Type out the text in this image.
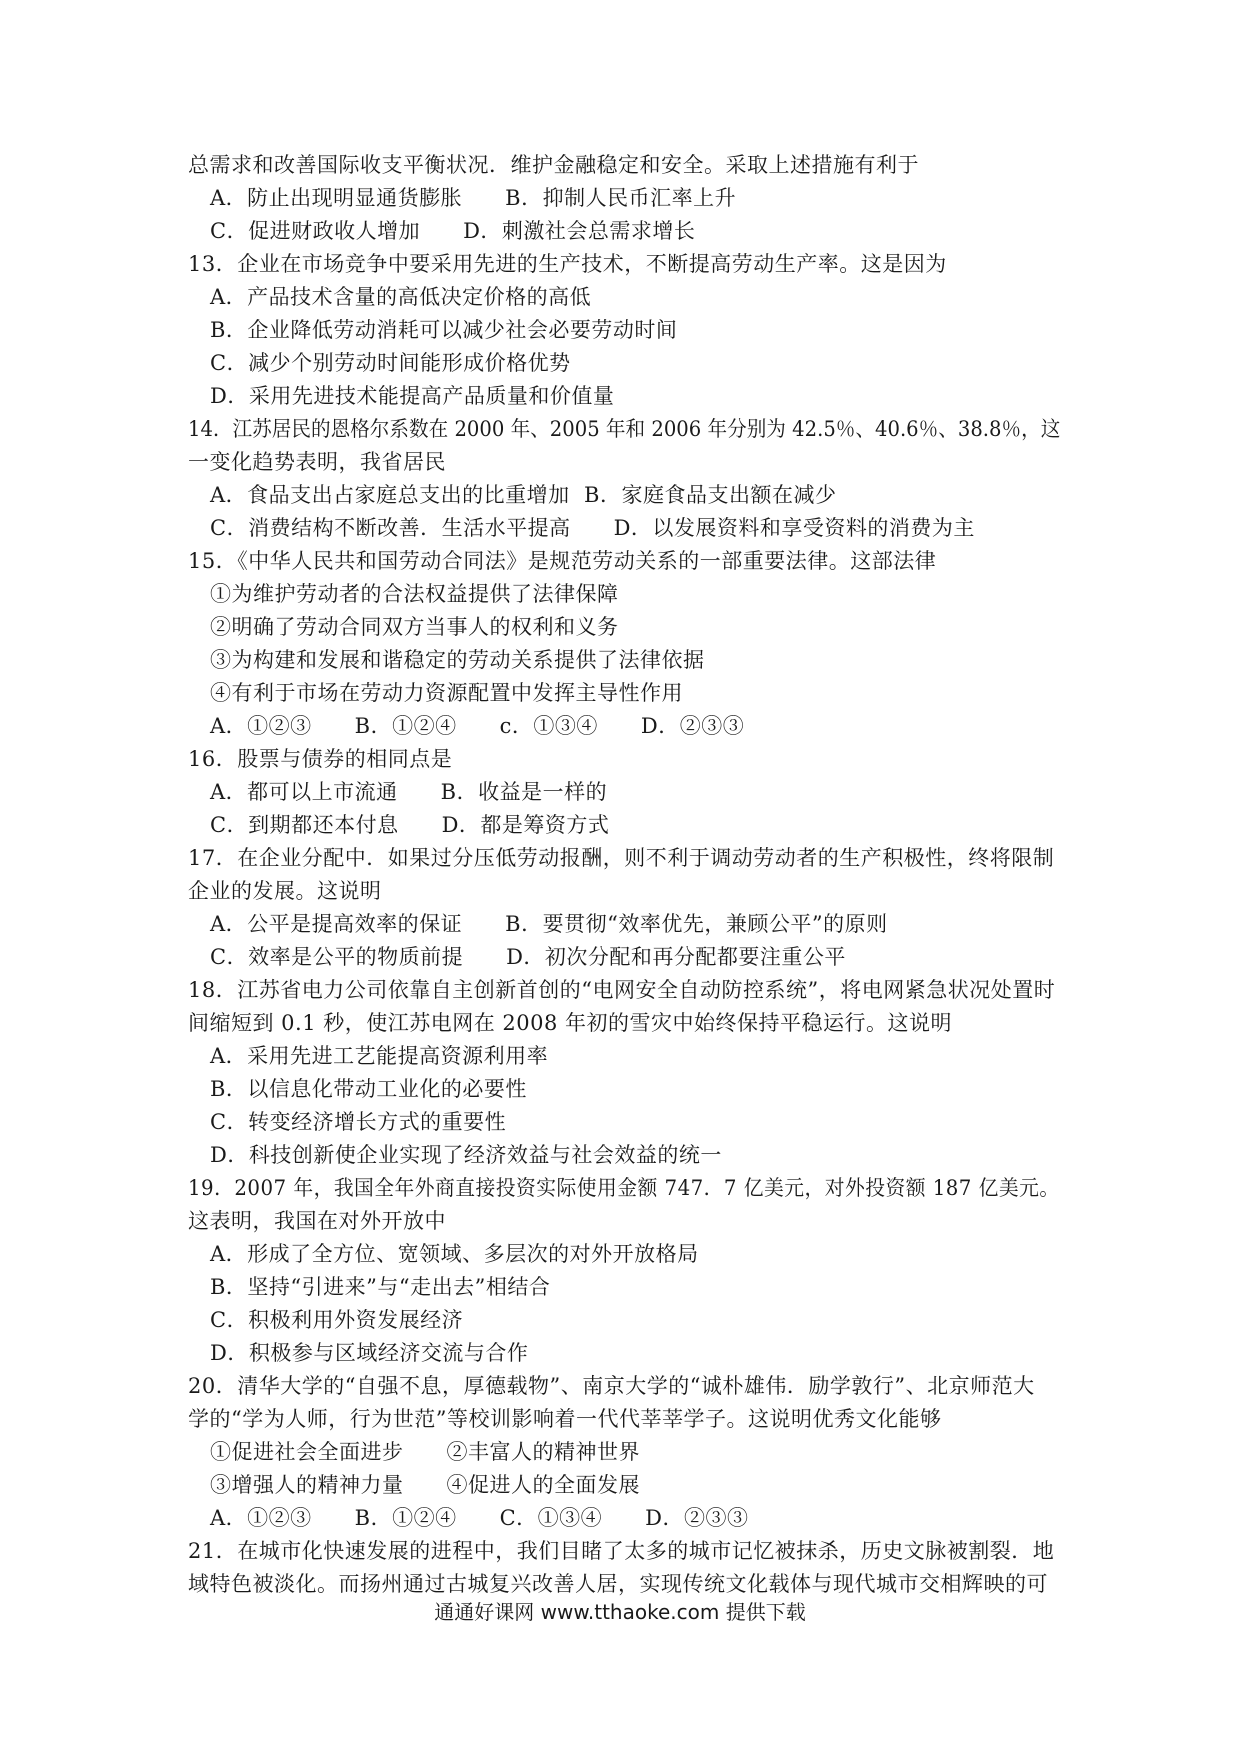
总需求和改善国际收支平衡状况．维护金融稳定和安全。采取上述措施有利于
A．防止出现明显通货膨胀　　B．抑制人民币汇率上升
C．促进财政收人增加　　D．刺激社会总需求增长
13．企业在市场竞争中要采用先进的生产技术，不断提高劳动生产率。这是因为
A．产品技术含量的高低决定价格的高低
B．企业降低劳动消耗可以减少社会必要劳动时间
C．减少个别劳动时间能形成价格优势
D．采用先进技术能提高产品质量和价值量
14．江苏居民的恩格尔系数在 2000 年、2005 年和 2006 年分别为 42.5％、40.6％、38.8％，这
一变化趋势表明，我省居民
A．食品支出占家庭总支出的比重增加  B．家庭食品支出额在减少
C．消费结构不断改善．生活水平提高　　D．以发展资料和享受资料的消费为主
15．《中华人民共和国劳动合同法》是规范劳动关系的一部重要法律。这部法律
①为维护劳动者的合法权益提供了法律保障
②明确了劳动合同双方当事人的权利和义务
③为构建和发展和谐稳定的劳动关系提供了法律依据
④有利于市场在劳动力资源配置中发挥主导性作用
A．①②③　　B．①②④　　c．①③④　　D．②③③
16．股票与债券的相同点是
A．都可以上市流通　　B．收益是一样的
C．到期都还本付息　　D．都是筹资方式
17．在企业分配中．如果过分压低劳动报酬，则不利于调动劳动者的生产积极性，终将限制
企业的发展。这说明
A．公平是提高效率的保证　　B．要贯彻“效率优先，兼顾公平”的原则
C．效率是公平的物质前提　　D．初次分配和再分配都要注重公平
18．江苏省电力公司依靠自主创新首创的“电网安全自动防控系统”，将电网紧急状况处置时
间缩短到 0.1 秒，使江苏电网在 2008 年初的雪灾中始终保持平稳运行。这说明
A．采用先进工艺能提高资源利用率
B．以信息化带动工业化的必要性
C．转变经济增长方式的重要性
D．科技创新使企业实现了经济效益与社会效益的统一
19．2007 年，我国全年外商直接投资实际使用金额 747．7 亿美元，对外投资额 187 亿美元。
这表明，我国在对外开放中
A．形成了全方位、宽领域、多层次的对外开放格局
B．坚持“引进来”与“走出去”相结合
C．积极利用外资发展经济
D．积极参与区域经济交流与合作
20．清华大学的“自强不息，厚德载物”、南京大学的“诚朴雄伟．励学敦行”、北京师范大
学的“学为人师，行为世范”等校训影响着一代代莘莘学子。这说明优秀文化能够
①促进社会全面进步　　②丰富人的精神世界
③增强人的精神力量　　④促进人的全面发展
A．①②③　　B．①②④　　C．①③④　　D．②③③
21．在城市化快速发展的进程中，我们目睹了太多的城市记忆被抹杀，历史文脉被割裂．地
域特色被淡化。而扬州通过古城复兴改善人居，实现传统文化载体与现代城市交相辉映的可
通通好课网 www.tthaoke.com 提供下载
